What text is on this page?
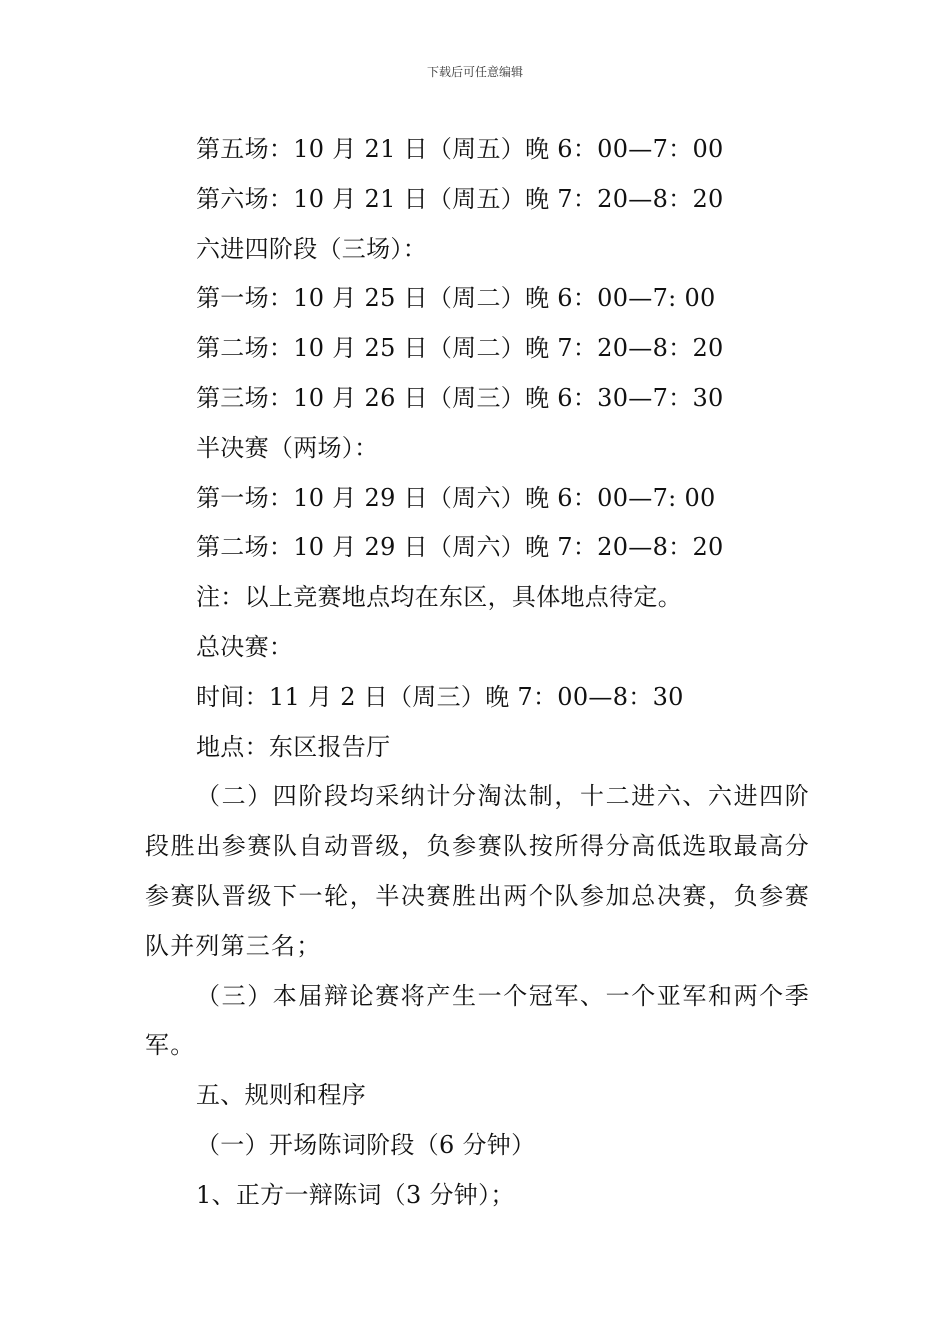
下载后可任意编辑
第五场：10 月 21 日（周五）晚 6：00—7：00
第六场：10 月 21 日（周五）晚 7：20—8：20
六进四阶段（三场）：
第一场：10 月 25 日（周二）晚 6：00—7: 00
第二场：10 月 25 日（周二）晚 7：20—8：20
第三场：10 月 26 日（周三）晚 6：30—7：30
半决赛（两场）：
第一场：10 月 29 日（周六）晚 6：00—7: 00
第二场：10 月 29 日（周六）晚 7：20—8：20
注：以上竞赛地点均在东区，具体地点待定。
总决赛：
时间：11 月 2 日（周三）晚 7：00—8：30
地点：东区报告厅

（二）四阶段均采纳计分淘汰制，十二进六、六进四阶段胜出参赛队自动晋级，负参赛队按所得分高低选取最高分参赛队晋级下一轮，半决赛胜出两个队参加总决赛，负参赛队并列第三名；

（三）本届辩论赛将产生一个冠军、一个亚军和两个季军。

五、规则和程序
（一）开场陈词阶段（6 分钟）
1、正方一辩陈词（3 分钟）；
